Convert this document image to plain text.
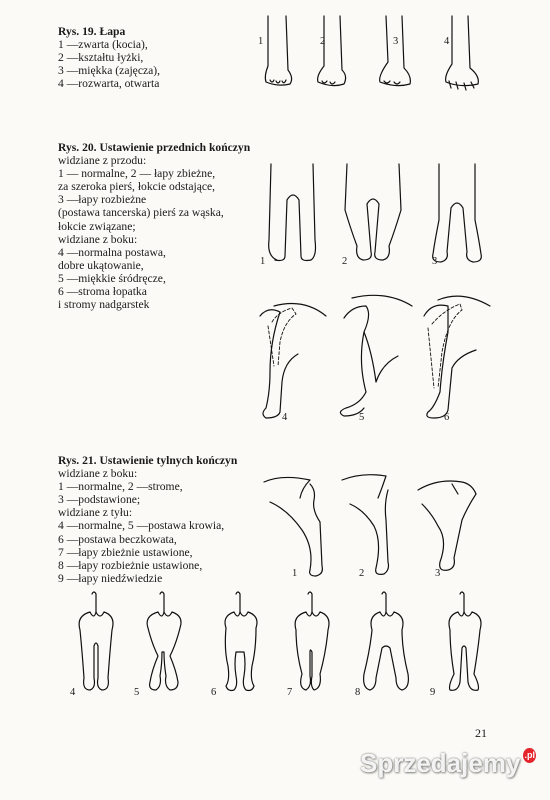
Rys. 19. Łapa
1 —zwarta (kocia),
2 —kształtu łyżki,
3 —miękka (zajęcza),
4 —rozwarta, otwarta
1	2	3	4
Rys. 20. Ustawienie przednich kończyn
widziane z przodu:
1 — normalne, 2 — łapy zbieżne,
za szeroka pierś, łokcie odstające,
3 —łapy rozbieżne
(postawa tancerska) pierś za wąska,
łokcie związane;
widziane z boku:
4 —normalna postawa,
dobre ukątowanie,
5 —miękkie śródręcze,
6 —stroma łopatka
i stromy nadgarstek
1	2	3
4	5	6
Rys. 21. Ustawienie tylnych kończyn
widziane z boku:
1 —normalne, 2 —strome,
3 —podstawione;
widziane z tyłu:
4 —normalne, 5 —postawa krowia,
6 —postawa beczkowata,
7 —łapy zbieżnie ustawione,
8 —łapy rozbieżnie ustawione,
9 —łapy niedźwiedzie	1	2	3
4	5	6	7	8	9
21
Sprzedajemy .pl
